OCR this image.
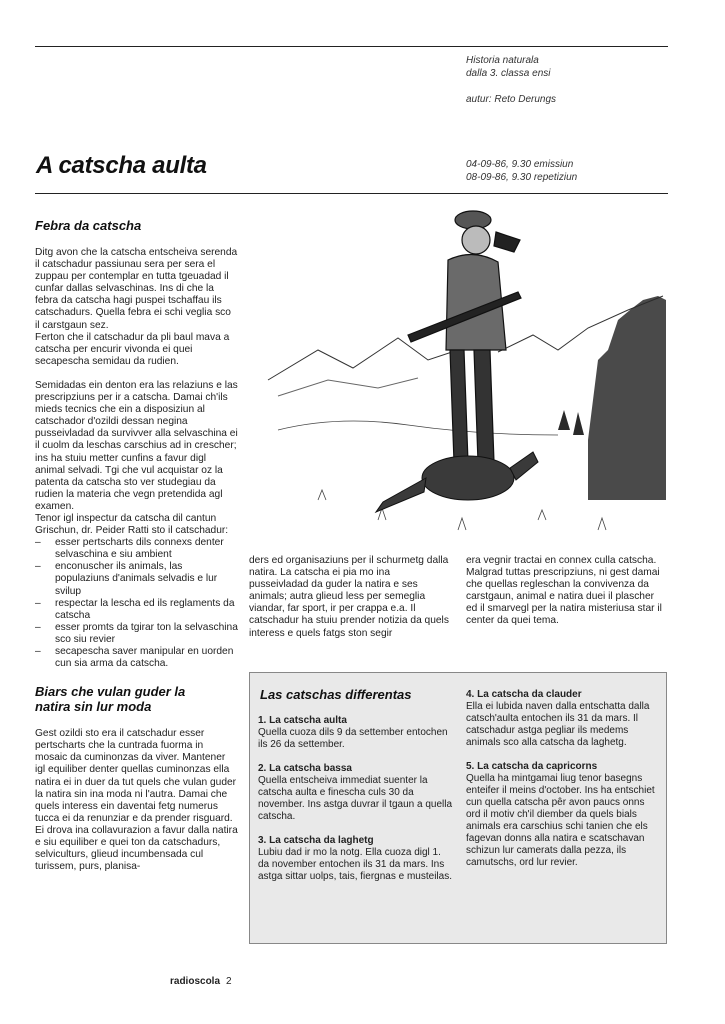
Historia naturala
dalla 3. classa ensi
autur: Reto Derungs
A catscha aulta	04-09-86, 9.30 emissiun
08-09-86, 9.30 repetiziun
Febra da catscha

Ditg avon che la catscha entscheiva serenda il catschadur passiunau sera per sera el zuppau per contemplar en tutta tgeuadad il cunfar dallas selvaschinas. Ins di che la febra da catscha hagi puspei tschaffau ils catschadurs. Quella febra ei schi veglia sco il carstgaun sez.

Ferton che il catschadur da pli baul mava a catscha per encurir vivonda ei quei secapescha semidau da rudien.

Semidadas ein denton era las relaziuns e las prescripziuns per ir a catscha. Damai ch'ils mieds tecnics che ein a disposiziun al catschador d'ozildi dessan negina pusseivladad da survivver alla selvaschina ei il cuolm da leschas carschius ad in crescher; ins ha stuiu metter cunfins a favur digl animal selvadi. Tgi che vul acquistar oz la patenta da catscha sto ver studegiau da rudien la materia che vegn pretendida agl examen.

Tenor igl inspectur da catscha dil cantun Grischun, dr. Peider Ratti sto il catschadur:

– esser pertscharts dils connexs denter selvaschina e siu ambient
– enconuscher ils animals, las populaziuns d'animals selvadis e lur svilup
– respectar la lescha ed ils reglaments da catscha
– esser promts da tgirar ton la selvaschina sco siu revier
– secapescha saver manipular en uorden cun sia arma da catscha.
Biars che vulan guder la natira sin lur moda

Gest ozildi sto era il catschadur esser pertscharts che la cuntrada fuorma in mosaic da cuminonzas da viver. Mantener igl equiliber denter quellas cuminonzas ella natira ei in duer da tut quels che vulan guder la natira sin ina moda ni l'autra. Damai che quels interess ein daventai fetg numerus tucca ei da renunziar e da prender risguard. Ei drova ina collavurazion a favur dalla natira e siu equiliber e quei ton da catschadurs, selviculturs, glieud incumbensada cul turissem, purs, planisa-

ders ed organisaziuns per il schurmetg dalla natira. La catscha ei pia mo ina pusseivladad da guder la natira e ses animals; autra glieud less per semeglia viandar, far sport, ir per crappa e.a. Il catschadur ha stuiu prender notizia da quels interess e quels fatgs ston segir

era vegnir tractai en connex culla catscha. Malgrad tuttas prescripziuns, ni gest damai che quellas regleschan la convivenza da carstgaun, animal e natira duei il plascher ed il smarvegl per la natira misteriusa star il center da quei tema.

Las catschas differentas
1. La catscha aulta
Quella cuoza dils 9 da settember entochen ils 26 da settember.
2. La catscha bassa
Quella entscheiva immediat suenter la catscha aulta e finescha culs 30 da november. Ins astga duvrar il tgaun a quella catscha.
3. La catscha da laghetg
Lubiu dad ir mo la notg. Ella cuoza digl 1. da november entochen ils 31 da mars. Ins astga sittar uolps, tais, fiergnas e musteilas.
4. La catscha da clauder
Ella ei lubida naven dalla entschatta dalla catsch'aulta entochen ils 31 da mars. Il catschadur astga pegliar ils medems animals sco alla catscha da laghetg.
5. La catscha da capricorns
Quella ha mintgamai liug tenor basegns enteifer il meins d'october. Ins ha entschiet cun quella catscha pêr avon paucs onns ord il motiv ch'il diember da quels bials animals era carschius schi tanien che els fagevan donns alla natira e scatschavan schizun lur camerats dalla pezza, ils camutschs, ord lur revier.
radioscola 2
